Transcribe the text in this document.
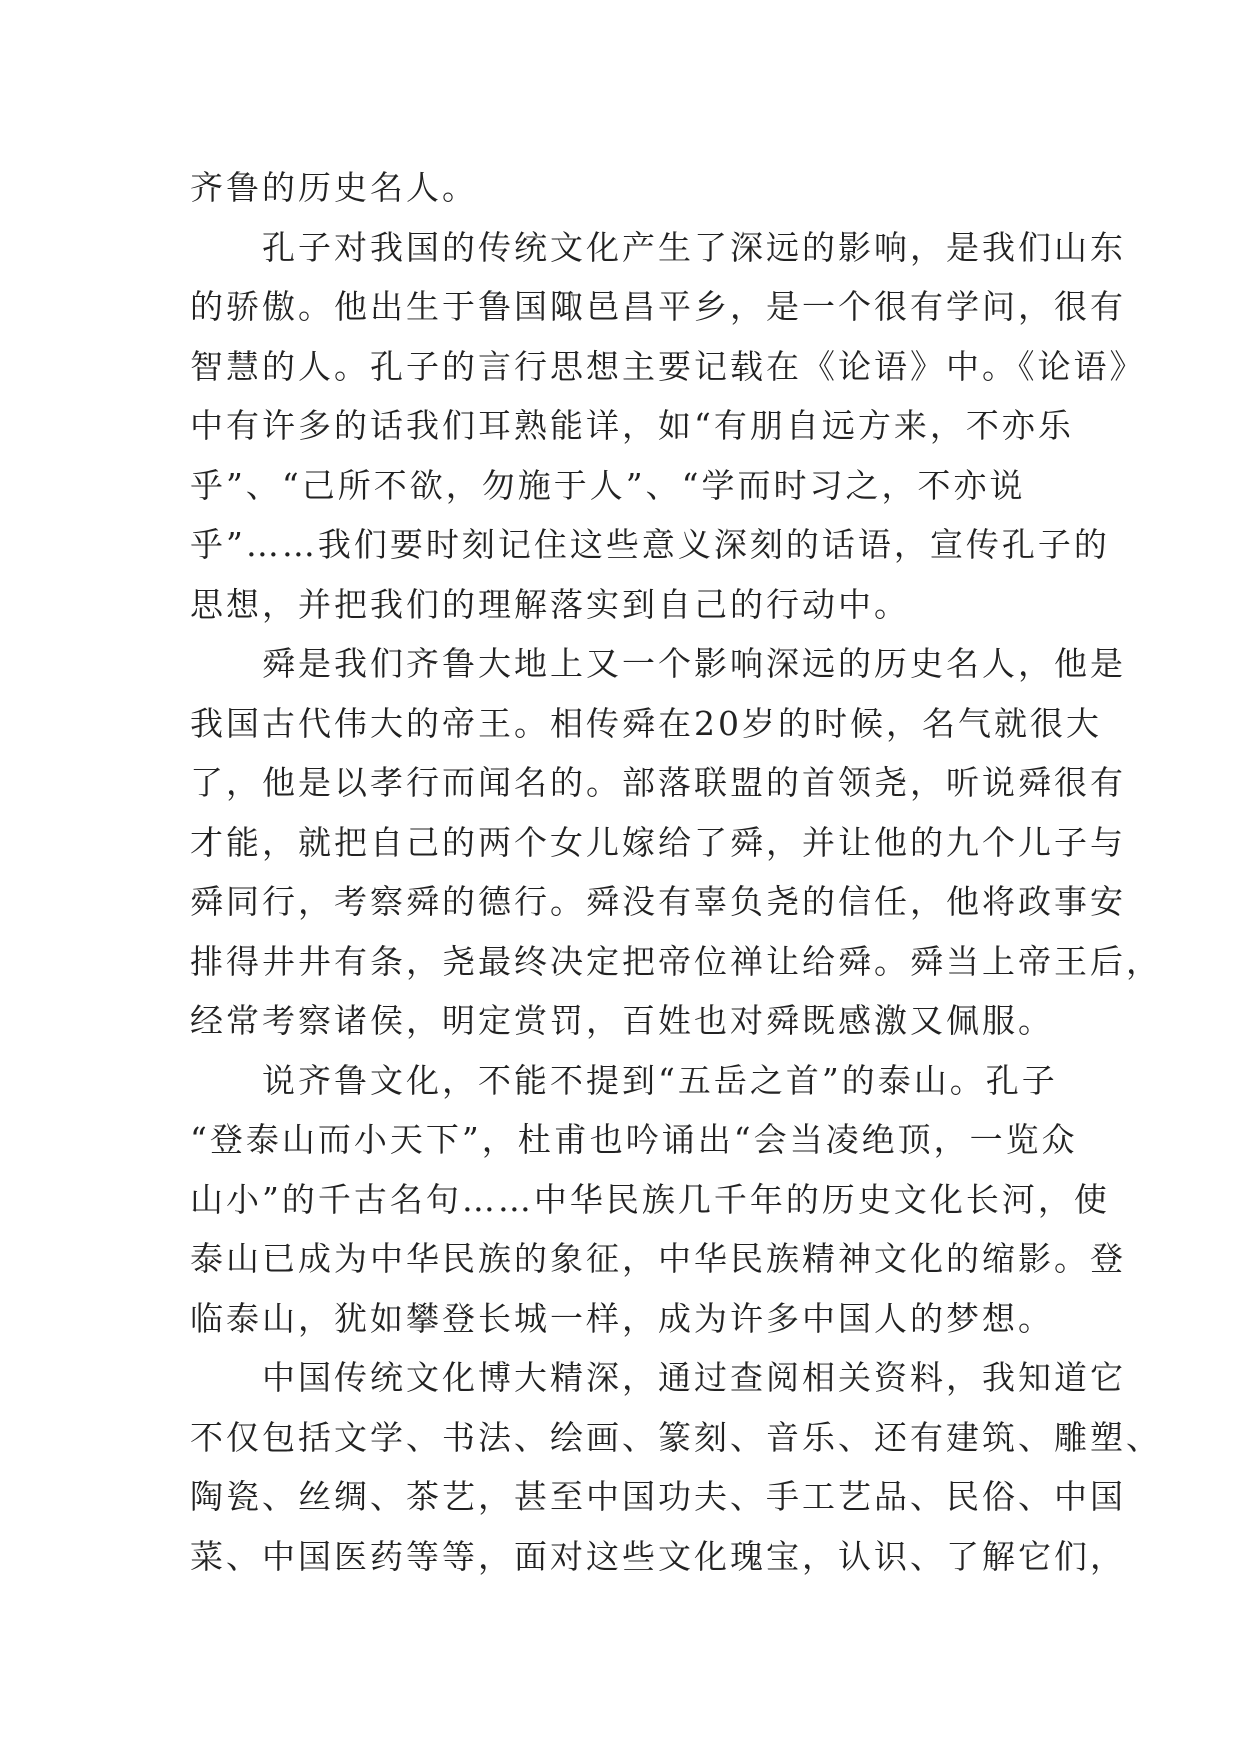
齐鲁的历史名人。
孔子对我国的传统文化产生了深远的影响，是我们山东
的骄傲。他出生于鲁国陬邑昌平乡，是一个很有学问，很有
智慧的人。孔子的言行思想主要记载在《论语》中。《论语》
中有许多的话我们耳熟能详，如“有朋自远方来，不亦乐
乎”、“己所不欲，勿施于人”、“学而时习之，不亦说
乎”……我们要时刻记住这些意义深刻的话语，宣传孔子的
思想，并把我们的理解落实到自己的行动中。
舜是我们齐鲁大地上又一个影响深远的历史名人，他是
我国古代伟大的帝王。相传舜在20岁的时候，名气就很大
了，他是以孝行而闻名的。部落联盟的首领尧，听说舜很有
才能，就把自己的两个女儿嫁给了舜，并让他的九个儿子与
舜同行，考察舜的德行。舜没有辜负尧的信任，他将政事安
排得井井有条，尧最终决定把帝位禅让给舜。舜当上帝王后，
经常考察诸侯，明定赏罚，百姓也对舜既感激又佩服。
说齐鲁文化，不能不提到“五岳之首”的泰山。孔子
“登泰山而小天下”，杜甫也吟诵出“会当凌绝顶，一览众
山小”的千古名句……中华民族几千年的历史文化长河，使
泰山已成为中华民族的象征，中华民族精神文化的缩影。登
临泰山，犹如攀登长城一样，成为许多中国人的梦想。
中国传统文化博大精深，通过查阅相关资料，我知道它
不仅包括文学、书法、绘画、篆刻、音乐、还有建筑、雕塑、
陶瓷、丝绸、茶艺，甚至中国功夫、手工艺品、民俗、中国
菜、中国医药等等，面对这些文化瑰宝，认识、了解它们，
